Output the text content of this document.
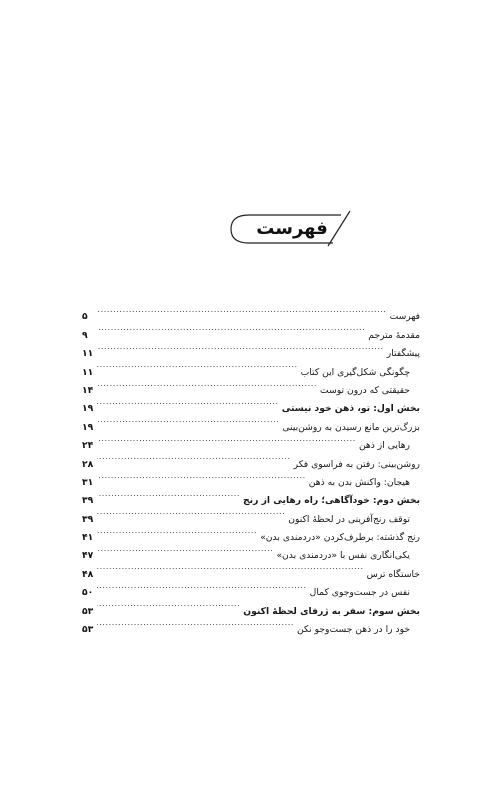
فهرست
فهرست
.....
۵
مقدمهٔ مترجم
.....
۹
پیشگفتار
.....
۱۱
چگونگی شکل‌گیری این کتاب
.....
۱۱
حقیقتی که درون توست
.....
۱۴
بخش اول: تو، ذهن خود نیستی
.....
۱۹
بزرگ‌ترین مانع رسیدن به روشن‌بینی
.....
۱۹
رهایی از ذهن
.....
۲۴
روشن‌بینی: رفتن به فراسوی فکر
.....
۲۸
هیجان: واکنش بدن به ذهن
.....
۳۱
بخش دوم: خودآگاهی؛ راه رهایی از رنج
.....
۳۹
توقف رنج‌آفرینی در لحظهٔ اکنون
.....
۳۹
رنج گذشته: برطرف‌کردن «دردمندی بدن»
.....
۴۱
یکی‌انگاری نفس با «دردمندی بدن»
.....
۴۷
خاستگاه ترس
.....
۴۸
نفس در جست‌وجوی کمال
.....
۵۰
بخش سوم: سفر به ژرفای لحظهٔ اکنون
.....
۵۳
خود را در ذهن جست‌وجو نکن
.....
۵۳
